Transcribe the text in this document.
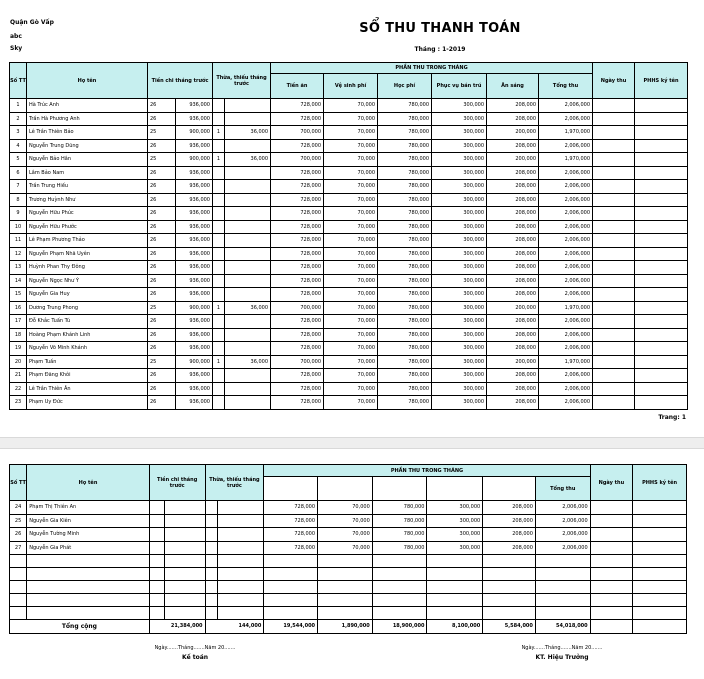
Quận Gò Vấp
abc
Sky
SỔ THU THANH TOÁN
Tháng : 1-2019
Số TT	Họ tên	Tiền chi tháng trước		Thừa, thiếu tháng trước		PHẦN THU TRONG THÁNG						Ngày thu	PHHS ký tên
						Tiền ăn	Vệ sinh phí	Học phí	Phục vụ bán trú	Ăn sáng	Tổng thu		
1	Hà Trúc Anh	26	936,000			728,000	70,000	780,000	300,000	208,000	2,006,000		
2	Trần Hà Phương Anh	26	936,000			728,000	70,000	780,000	300,000	208,000	2,006,000		
3	Lê Trần Thiên Bảo	25	900,000	1	36,000	700,000	70,000	780,000	300,000	200,000	1,970,000		
4	Nguyễn Trung Dũng	26	936,000			728,000	70,000	780,000	300,000	208,000	2,006,000		
5	Nguyễn Bảo Hân	25	900,000	1	36,000	700,000	70,000	780,000	300,000	200,000	1,970,000		
6	Lâm Bảo Nam	26	936,000			728,000	70,000	780,000	300,000	208,000	2,006,000		
7	Trần Trung Hiếu	26	936,000			728,000	70,000	780,000	300,000	208,000	2,006,000		
8	Trương Huỳnh Như	26	936,000			728,000	70,000	780,000	300,000	208,000	2,006,000		
9	Nguyễn Hữu Phúc	26	936,000			728,000	70,000	780,000	300,000	208,000	2,006,000		
10	Nguyễn Hữu Phước	26	936,000			728,000	70,000	780,000	300,000	208,000	2,006,000		
11	Lê Phạm Phương Thảo	26	936,000			728,000	70,000	780,000	300,000	208,000	2,006,000		
12	Nguyễn Phạm Nhã Uyên	26	936,000			728,000	70,000	780,000	300,000	208,000	2,006,000		
13	Huỳnh Phan Thy Đông	26	936,000			728,000	70,000	780,000	300,000	208,000	2,006,000		
14	Nguyễn Ngọc Như Ý	26	936,000			728,000	70,000	780,000	300,000	208,000	2,006,000		
15	Nguyễn Gia Huy	26	936,000			728,000	70,000	780,000	300,000	208,000	2,006,000		
16	Dương Trung Phong	25	900,000	1	36,000	700,000	70,000	780,000	300,000	200,000	1,970,000		
17	Đỗ Khắc Tuấn Tú	26	936,000			728,000	70,000	780,000	300,000	208,000	2,006,000		
18	Hoàng Phạm Khánh Linh	26	936,000			728,000	70,000	780,000	300,000	208,000	2,006,000		
19	Nguyễn Võ Minh Khánh	26	936,000			728,000	70,000	780,000	300,000	208,000	2,006,000		
20	Phạm Tuấn	25	900,000	1	36,000	700,000	70,000	780,000	300,000	200,000	1,970,000		
21	Phạm Đăng Khôi	26	936,000			728,000	70,000	780,000	300,000	208,000	2,006,000		
22	Lê Trần Thiên Ân	26	936,000			728,000	70,000	780,000	300,000	208,000	2,006,000		
23	Phạm Uy Đức	26	936,000			728,000	70,000	780,000	300,000	208,000	2,006,000		
Trang: 1
Số TT	Họ tên	Tiền chi tháng trước		Thừa, thiếu tháng trước		PHẦN THU TRONG THÁNG						Ngày thu	PHHS ký tên
											Tổng thu		
24	Phạm Thị Thiên An					728,000	70,000	780,000	300,000	208,000	2,006,000		
25	Nguyễn Gia Kiên					728,000	70,000	780,000	300,000	208,000	2,006,000		
26	Nguyễn Tường Minh					728,000	70,000	780,000	300,000	208,000	2,006,000		
27	Nguyễn Gia Phát					728,000	70,000	780,000	300,000	208,000	2,006,000		

Tổng cộng		21,384,000		144,000		19,544,000	1,890,000	18,900,000	8,100,000	5,584,000	54,018,000		
Ngày.......Tháng.......Năm 20.......
Kế toán
Ngày.......Tháng.......Năm 20.......
KT. Hiệu Trưởng
